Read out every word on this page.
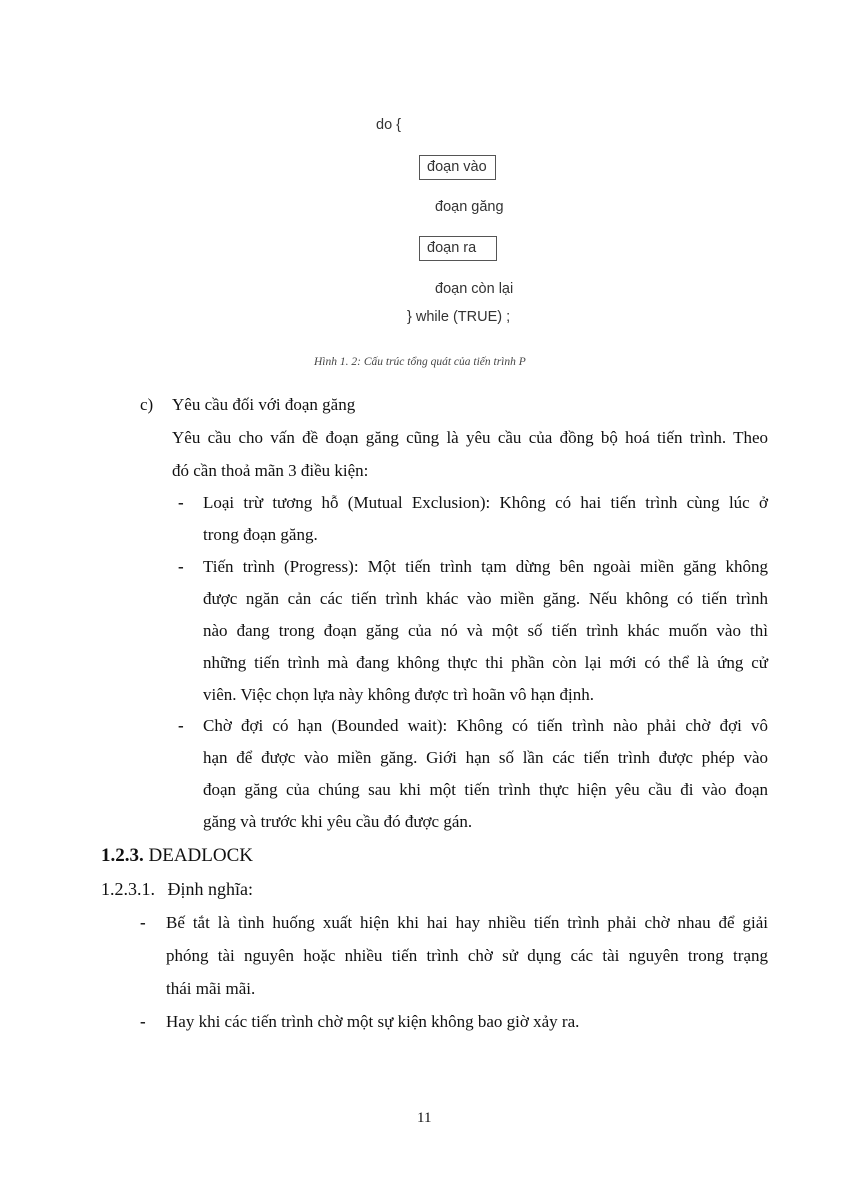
do {
đoạn vào
đoạn găng
đoạn ra
đoạn còn lại
} while (TRUE) ;
Hình 1. 2: Cấu trúc tổng quát của tiến trình P
c) Yêu cầu đối với đoạn găng
Yêu cầu cho vấn đề đoạn găng cũng là yêu cầu của đồng bộ hoá tiến trình. Theo
đó cần thoả mãn 3 điều kiện:
- Loại trừ tương hỗ (Mutual Exclusion): Không có hai tiến trình cùng lúc ở
trong đoạn găng.
- Tiến trình (Progress): Một tiến trình tạm dừng bên ngoài miền găng không
được ngăn cản các tiến trình khác vào miền găng. Nếu không có tiến trình
nào đang trong đoạn găng của nó và một số tiến trình khác muốn vào thì
những tiến trình mà đang không thực thi phần còn lại mới có thể là ứng cử
viên. Việc chọn lựa này không được trì hoãn vô hạn định.
- Chờ đợi có hạn (Bounded wait): Không có tiến trình nào phải chờ đợi vô
hạn để được vào miền găng. Giới hạn số lần các tiến trình được phép vào
đoạn găng của chúng sau khi một tiến trình thực hiện yêu cầu đi vào đoạn
găng và trước khi yêu cầu đó được gán.
1.2.3. DEADLOCK
1.2.3.1. Định nghĩa:
- Bế tắt là tình huống xuất hiện khi hai hay nhiều tiến trình phải chờ nhau để giải
phóng tài nguyên hoặc nhiều tiến trình chờ sử dụng các tài nguyên trong trạng
thái mãi mãi.
- Hay khi các tiến trình chờ một sự kiện không bao giờ xảy ra.
11
